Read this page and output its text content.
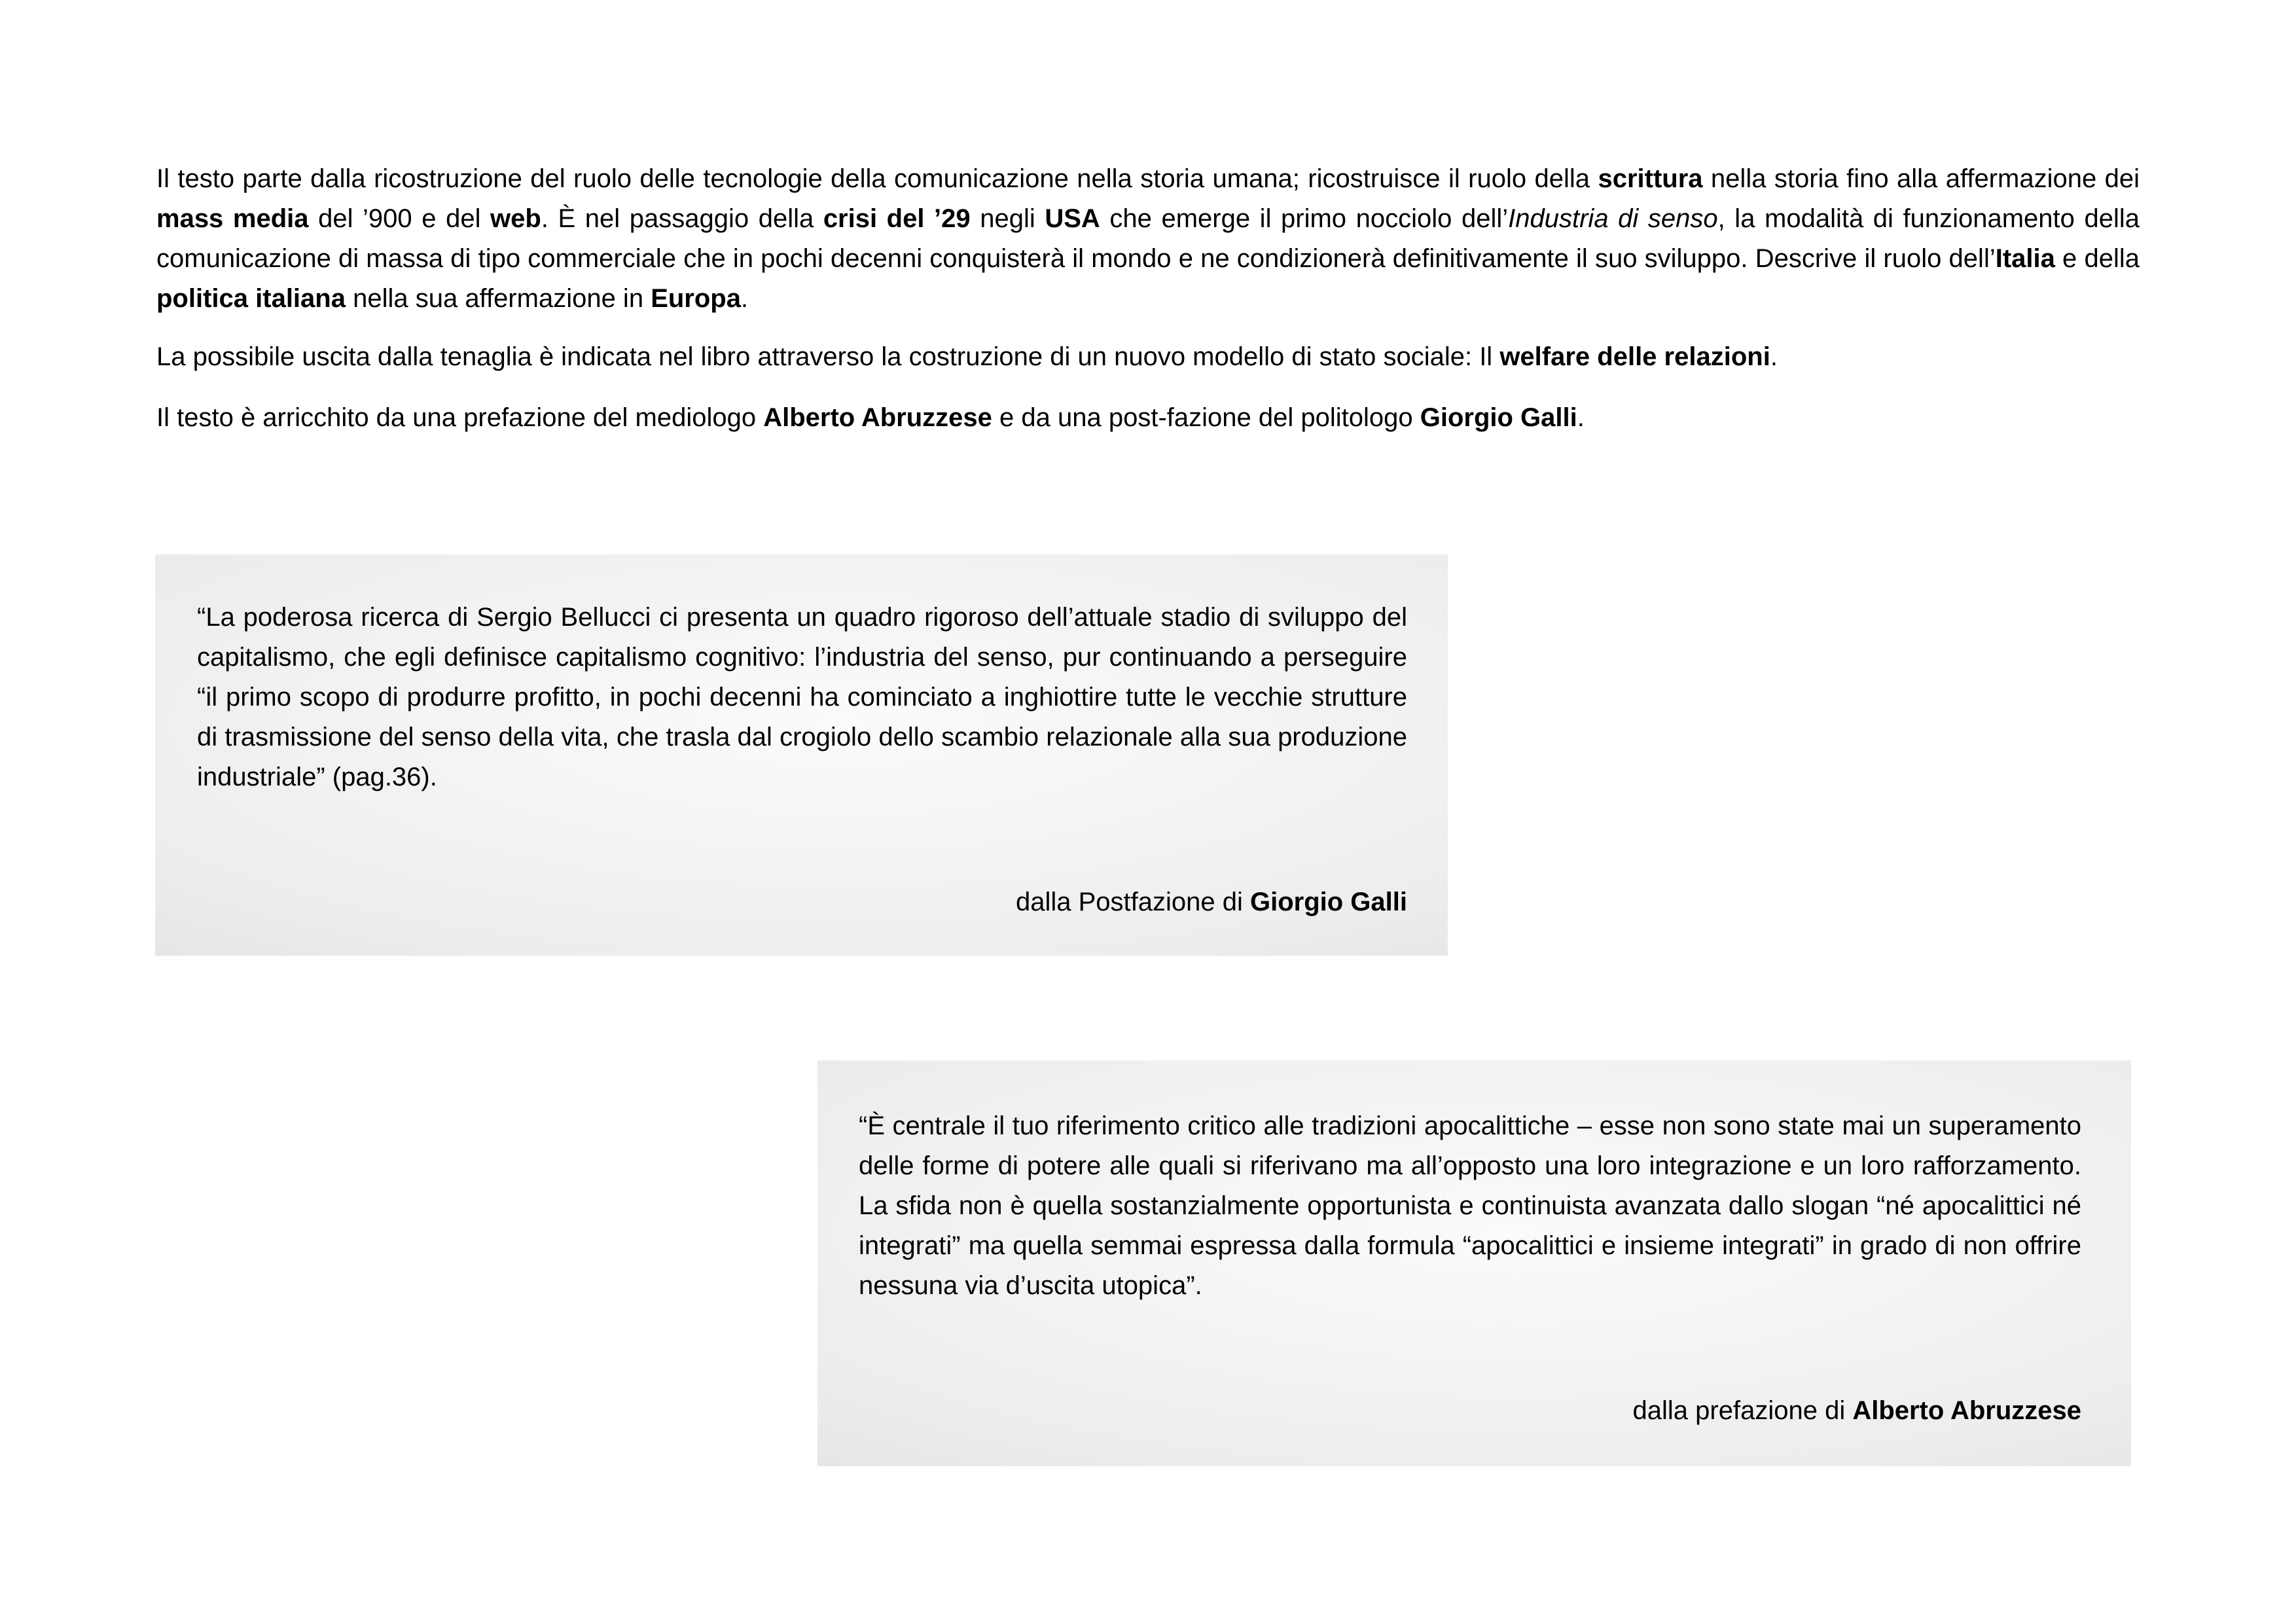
Il testo parte dalla ricostruzione del ruolo delle tecnologie della comunicazione nella storia umana; ricostruisce il ruolo della scrittura nella storia fino alla affermazione dei mass media del ’900 e del web. È nel passaggio della crisi del ’29 negli USA che emerge il primo nocciolo dell’Industria di senso, la modalità di funzionamento della comunicazione di massa di tipo commerciale che in pochi decenni conquisterà il mondo e ne condizionerà definitivamente il suo sviluppo. Descrive il ruolo dell’Italia e della politica italiana nella sua affermazione in Europa.

La possibile uscita dalla tenaglia è indicata nel libro attraverso la costruzione di un nuovo modello di stato sociale: Il welfare delle relazioni.

Il testo è arricchito da una prefazione del mediologo Alberto Abruzzese e da una post-fazione del politologo Giorgio Galli.

“La poderosa ricerca di Sergio Bellucci ci presenta un quadro rigoroso dell’attuale stadio di sviluppo del capitalismo, che egli definisce capitalismo cognitivo: l’industria del senso, pur continuando a perseguire “il primo scopo di produrre profitto, in pochi decenni ha cominciato a inghiottire tutte le vecchie strutture di trasmissione del senso della vita, che trasla dal crogiolo dello scambio relazionale alla sua produzione industriale” (pag.36).
dalla Postfazione di Giorgio Galli
“È centrale il tuo riferimento critico alle tradizioni apocalittiche – esse non sono state mai un superamento delle forme di potere alle quali si riferivano ma all’opposto una loro integrazione e un loro rafforzamento. La sfida non è quella sostanzialmente opportunista e continuista avanzata dallo slogan “né apocalittici né integrati” ma quella semmai espressa dalla formula “apocalittici e insieme integrati” in grado di non offrire nessuna via d’uscita utopica”.
dalla prefazione di Alberto Abruzzese
